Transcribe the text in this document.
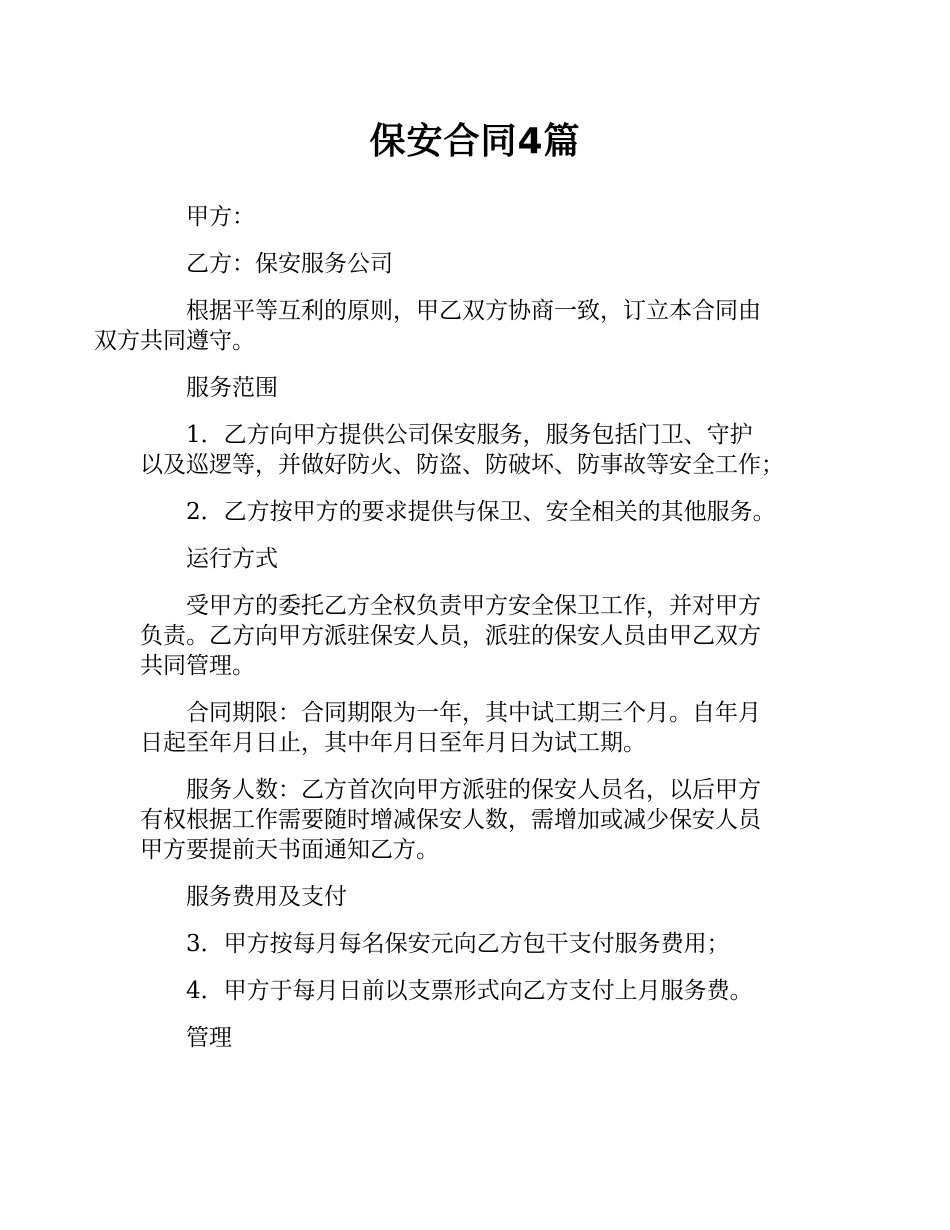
保安合同4篇

甲方：

乙方：保安服务公司

根据平等互利的原则，甲乙双方协商一致，订立本合同由
双方共同遵守。

服务范围

1．乙方向甲方提供公司保安服务，服务包括门卫、守护
以及巡逻等，并做好防火、防盗、防破坏、防事故等安全工作；

2．乙方按甲方的要求提供与保卫、安全相关的其他服务。

运行方式

受甲方的委托乙方全权负责甲方安全保卫工作，并对甲方
负责。乙方向甲方派驻保安人员，派驻的保安人员由甲乙双方
共同管理。

合同期限：合同期限为一年，其中试工期三个月。自年月
日起至年月日止，其中年月日至年月日为试工期。

服务人数：乙方首次向甲方派驻的保安人员名，以后甲方
有权根据工作需要随时增减保安人数，需增加或减少保安人员
甲方要提前天书面通知乙方。

服务费用及支付

3．甲方按每月每名保安元向乙方包干支付服务费用；

4．甲方于每月日前以支票形式向乙方支付上月服务费。

管理
